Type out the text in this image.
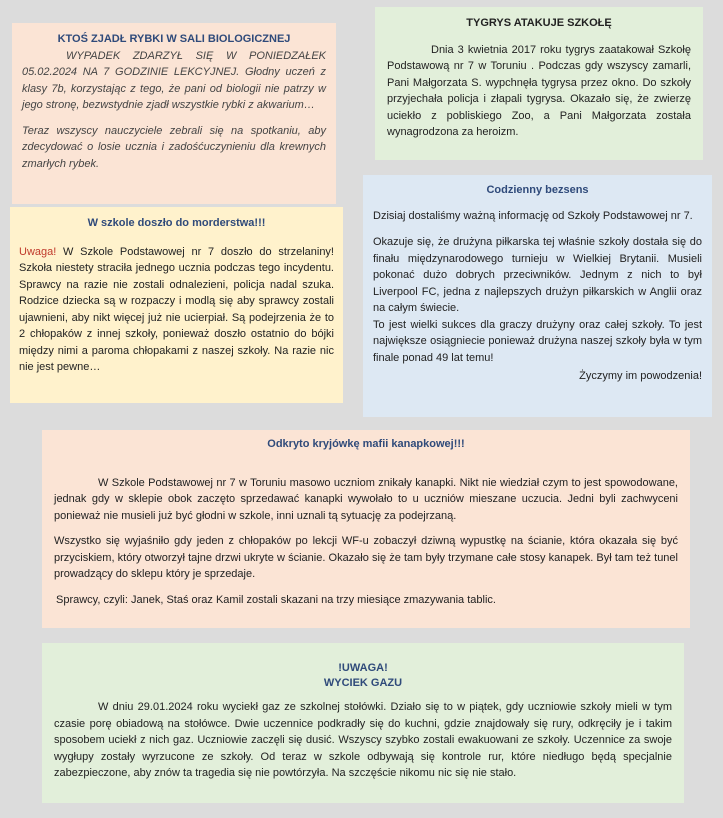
KTOŚ ZJADŁ RYBKI W SALI BIOLOGICZNEJ

WYPADEK ZDARZYŁ SIĘ W PONIEDZAŁEK 05.02.2024 NA 7 GODZINIE LEKCYJNEJ. Głodny uczeń z klasy 7b, korzystając z tego, że pani od biologii nie patrzy w jego stronę, bezwstydnie zjadł wszystkie rybki z akwarium…

Teraz wszyscy nauczyciele zebrali się na spotkaniu, aby zdecydować o losie ucznia i zadośćuczynieniu dla krewnych zmarłych rybek.

TYGRYS ATAKUJE SZKOŁĘ

Dnia 3 kwietnia 2017 roku tygrys zaatakował Szkołę Podstawową nr 7 w Toruniu . Podczas gdy wszyscy zamarli, Pani Małgorzata S. wypchnęła tygrysa przez okno. Do szkoły przyjechała policja i złapali tygrysa. Okazało się, że zwierzę uciekło z pobliskiego Zoo, a Pani Małgorzata została wynagrodzona za heroizm.

W szkole doszło do morderstwa!!!

Uwaga! W Szkole Podstawowej nr 7 doszło do strzelaniny! Szkoła niestety straciła jednego ucznia podczas tego incydentu. Sprawcy na razie nie zostali odnalezieni, policja nadal szuka. Rodzice dziecka są w rozpaczy i modlą się aby sprawcy zostali ujawnieni, aby nikt więcej już nie ucierpiał. Są podejrzenia że to 2 chłopaków z innej szkoły, ponieważ doszło ostatnio do bójki między nimi a paroma chłopakami z naszej szkoły. Na razie nic nie jest pewne…

Codzienny bezsens

Dzisiaj dostaliśmy ważną informację od Szkoły Podstawowej nr 7.

Okazuje się, że drużyna piłkarska tej właśnie szkoły dostała się do finału międzynarodowego turnieju w Wielkiej Brytanii. Musieli pokonać dużo dobrych przeciwników. Jednym z nich to był Liverpool FC, jedna z najlepszych drużyn piłkarskich w Anglii oraz na całym świecie.

To jest wielki sukces dla graczy drużyny oraz całej szkoły. To jest największe osiągniecie ponieważ drużyna naszej szkoły była w tym finale ponad 49 lat temu!

Życzymy im powodzenia!

Odkryto kryjówkę mafii kanapkowej!!!

W Szkole Podstawowej nr 7 w Toruniu masowo uczniom znikały kanapki. Nikt nie wiedział czym to jest spowodowane, jednak gdy w sklepie obok zaczęto sprzedawać kanapki wywołało to u uczniów mieszane uczucia. Jedni byli zachwyceni ponieważ nie musieli już być głodni w szkole, inni uznali tą sytuację za podejrzaną.

Wszystko się wyjaśniło gdy jeden z chłopaków po lekcji WF-u zobaczył dziwną wypustkę na ścianie, która okazała się być przyciskiem, który otworzył tajne drzwi ukryte w ścianie. Okazało się że tam były trzymane całe stosy kanapek. Był tam też tunel prowadzący do sklepu który je sprzedaje.

Sprawcy, czyli: Janek, Staś oraz Kamil zostali skazani na trzy miesiące zmazywania tablic.

!UWAGA!
WYCIEK GAZU

W dniu 29.01.2024 roku wyciekł gaz ze szkolnej stołówki. Działo się to w piątek, gdy uczniowie szkoły mieli w tym czasie porę obiadową na stołówce. Dwie uczennice podkradły się do kuchni, gdzie znajdowały się rury, odkręciły je i takim sposobem uciekł z nich gaz. Uczniowie zaczęli się dusić. Wszyscy szybko zostali ewakuowani ze szkoły. Uczennice za swoje wygłupy zostały wyrzucone ze szkoły. Od teraz w szkole odbywają się kontrole rur, które niedługo będą specjalnie zabezpieczone, aby znów ta tragedia się nie powtórzyła. Na szczęście nikomu nic się nie stało.
